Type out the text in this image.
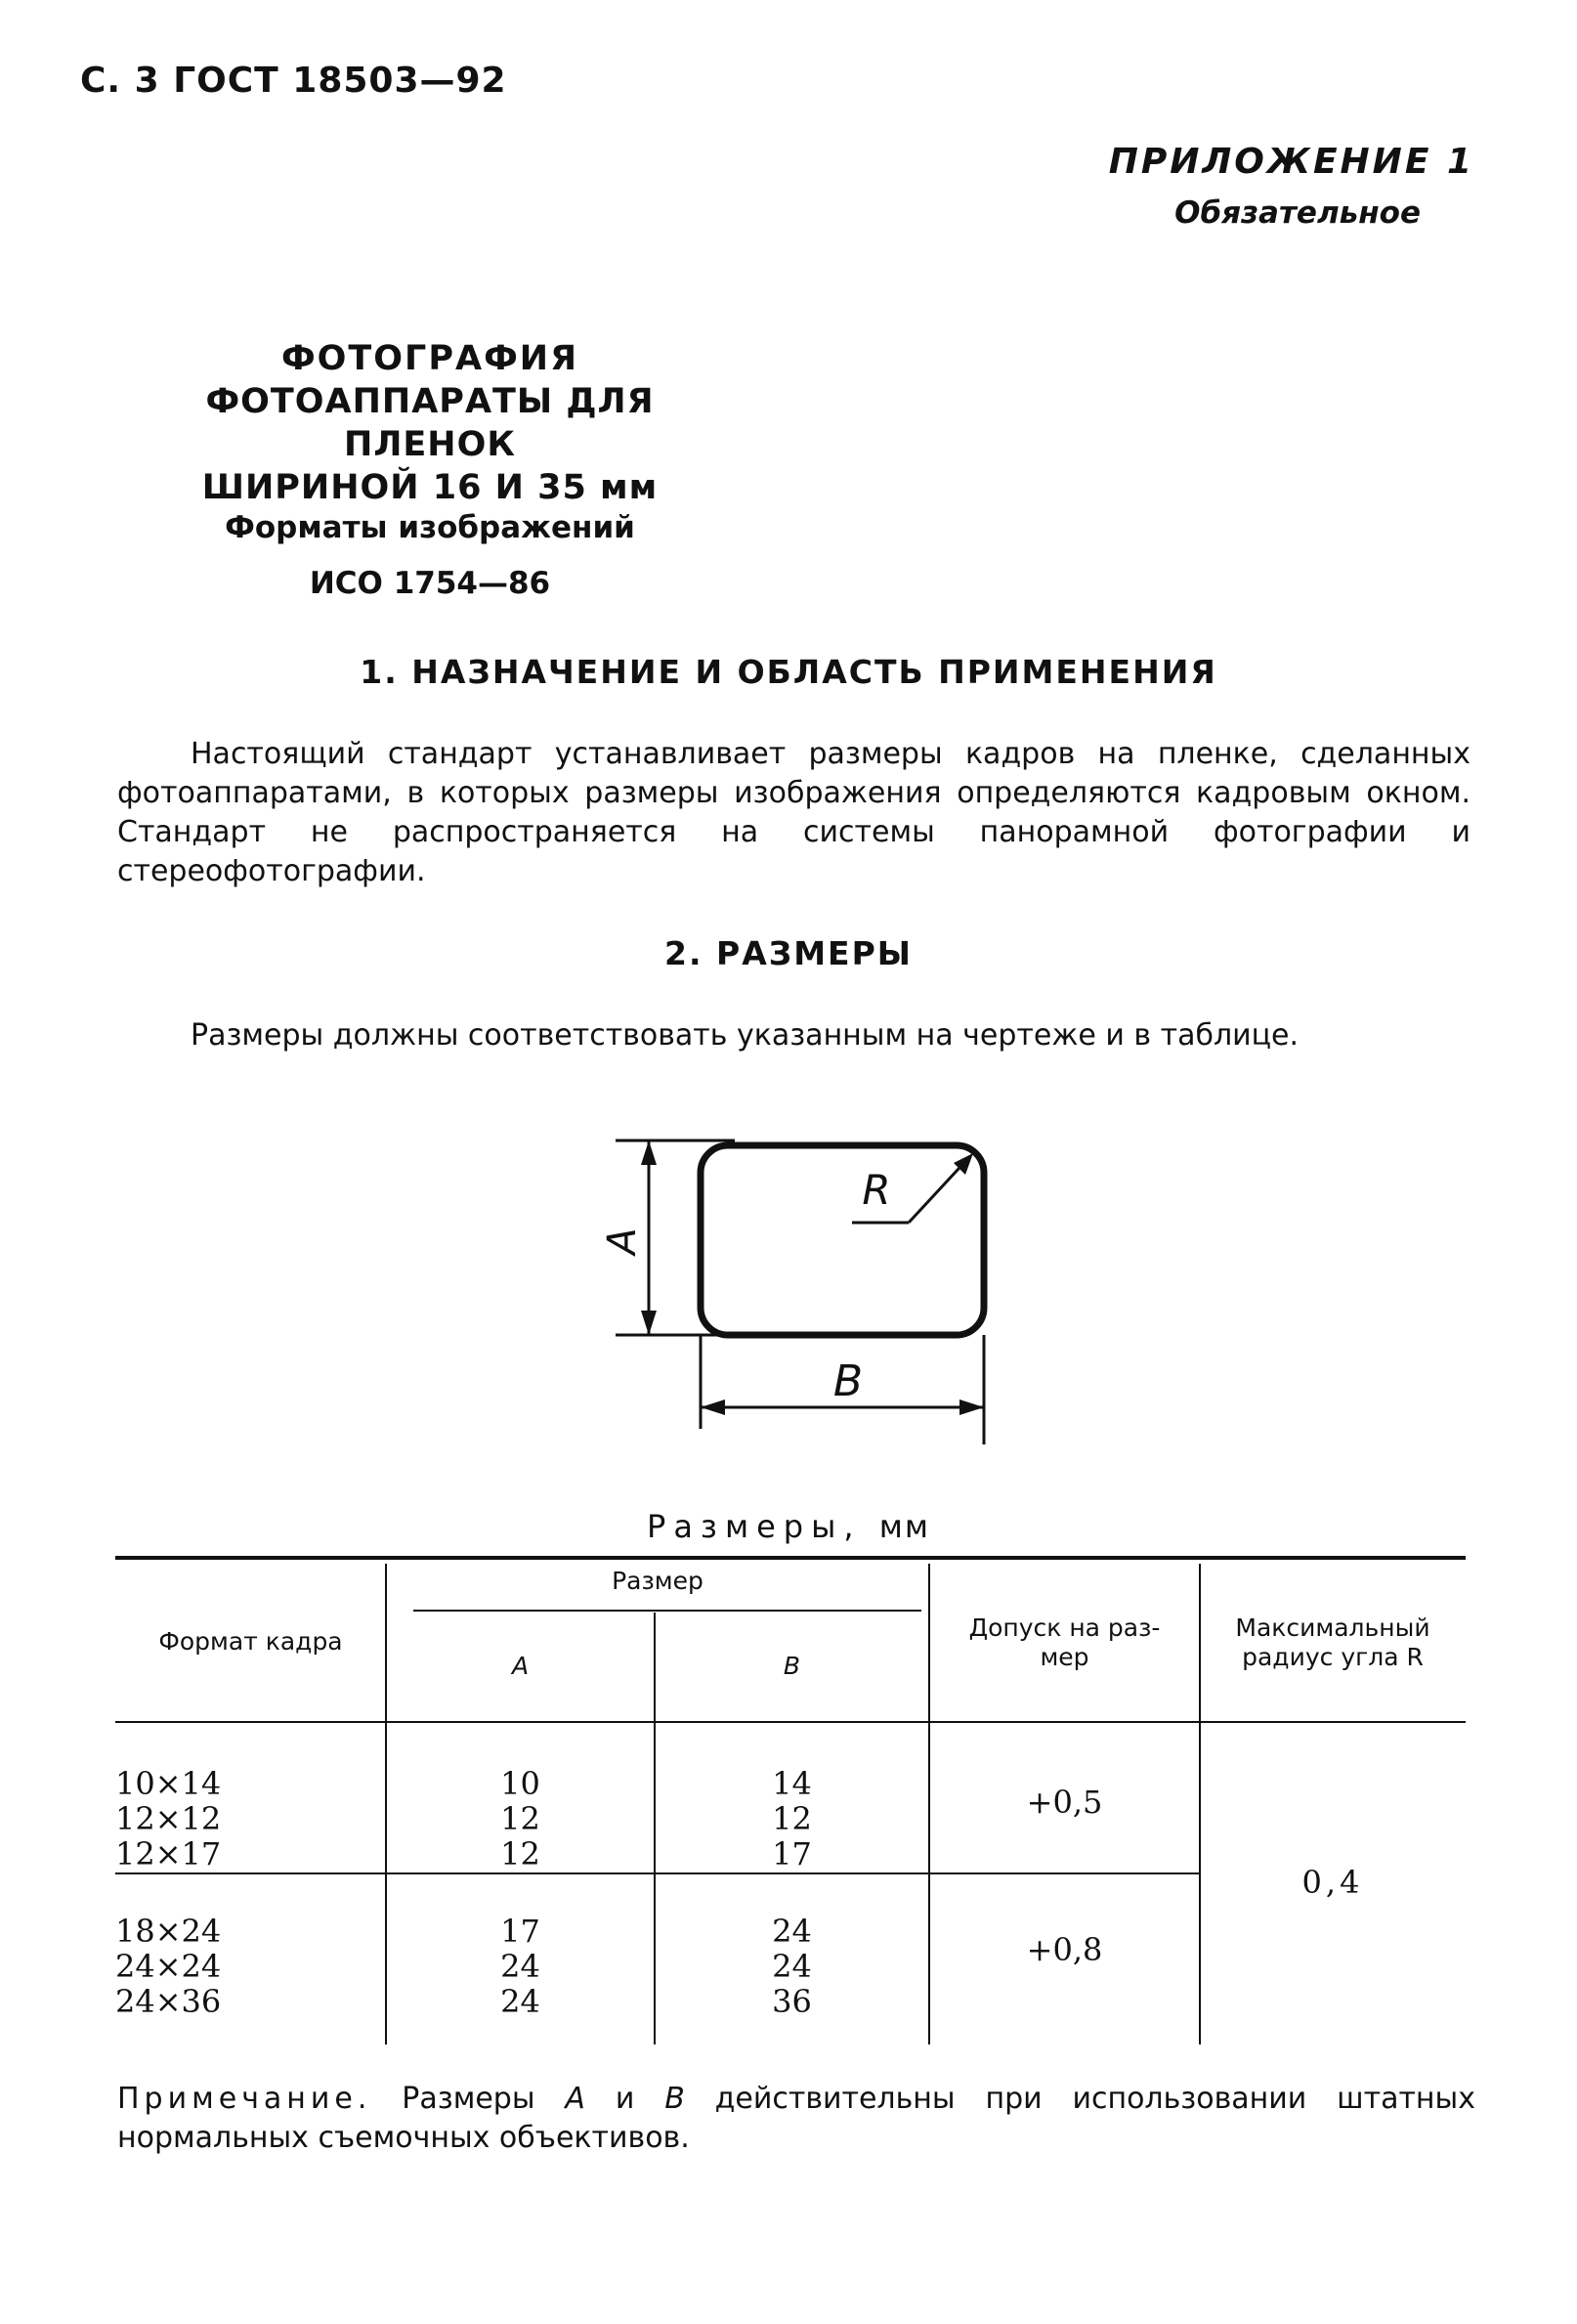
С. 3 ГОСТ 18503—92
ПРИЛОЖЕНИЕ 1
Обязательное
ФОТОГРАФИЯ
ФОТОАППАРАТЫ ДЛЯ ПЛЕНОК
ШИРИНОЙ 16 И 35 мм
Форматы изображений
ИСО 1754—86
1. НАЗНАЧЕНИЕ И ОБЛАСТЬ ПРИМЕНЕНИЯ
Настоящий стандарт устанавливает размеры кадров на пленке, сделанных фотоаппаратами, в которых размеры изображения определяются кадровым окном. Стандарт не распространяется на системы панорамной фотографии и стереофотографии.
2. РАЗМЕРЫ
Размеры должны соответствовать указанным на чертеже и в таблице.
A
B
R
Размеры, мм
Формат кадра
Размер
А	В
Допуск на раз-
мер
Максимальный
радиус угла R
10×14
12×12
12×17
10
12
12
14
12
17
+0,5
18×24
24×24
24×36
17
24
24
24
24
36
+0,8
0,4
Примечание. Размеры А и В действительны при использовании штатных нормальных съемочных объективов.
